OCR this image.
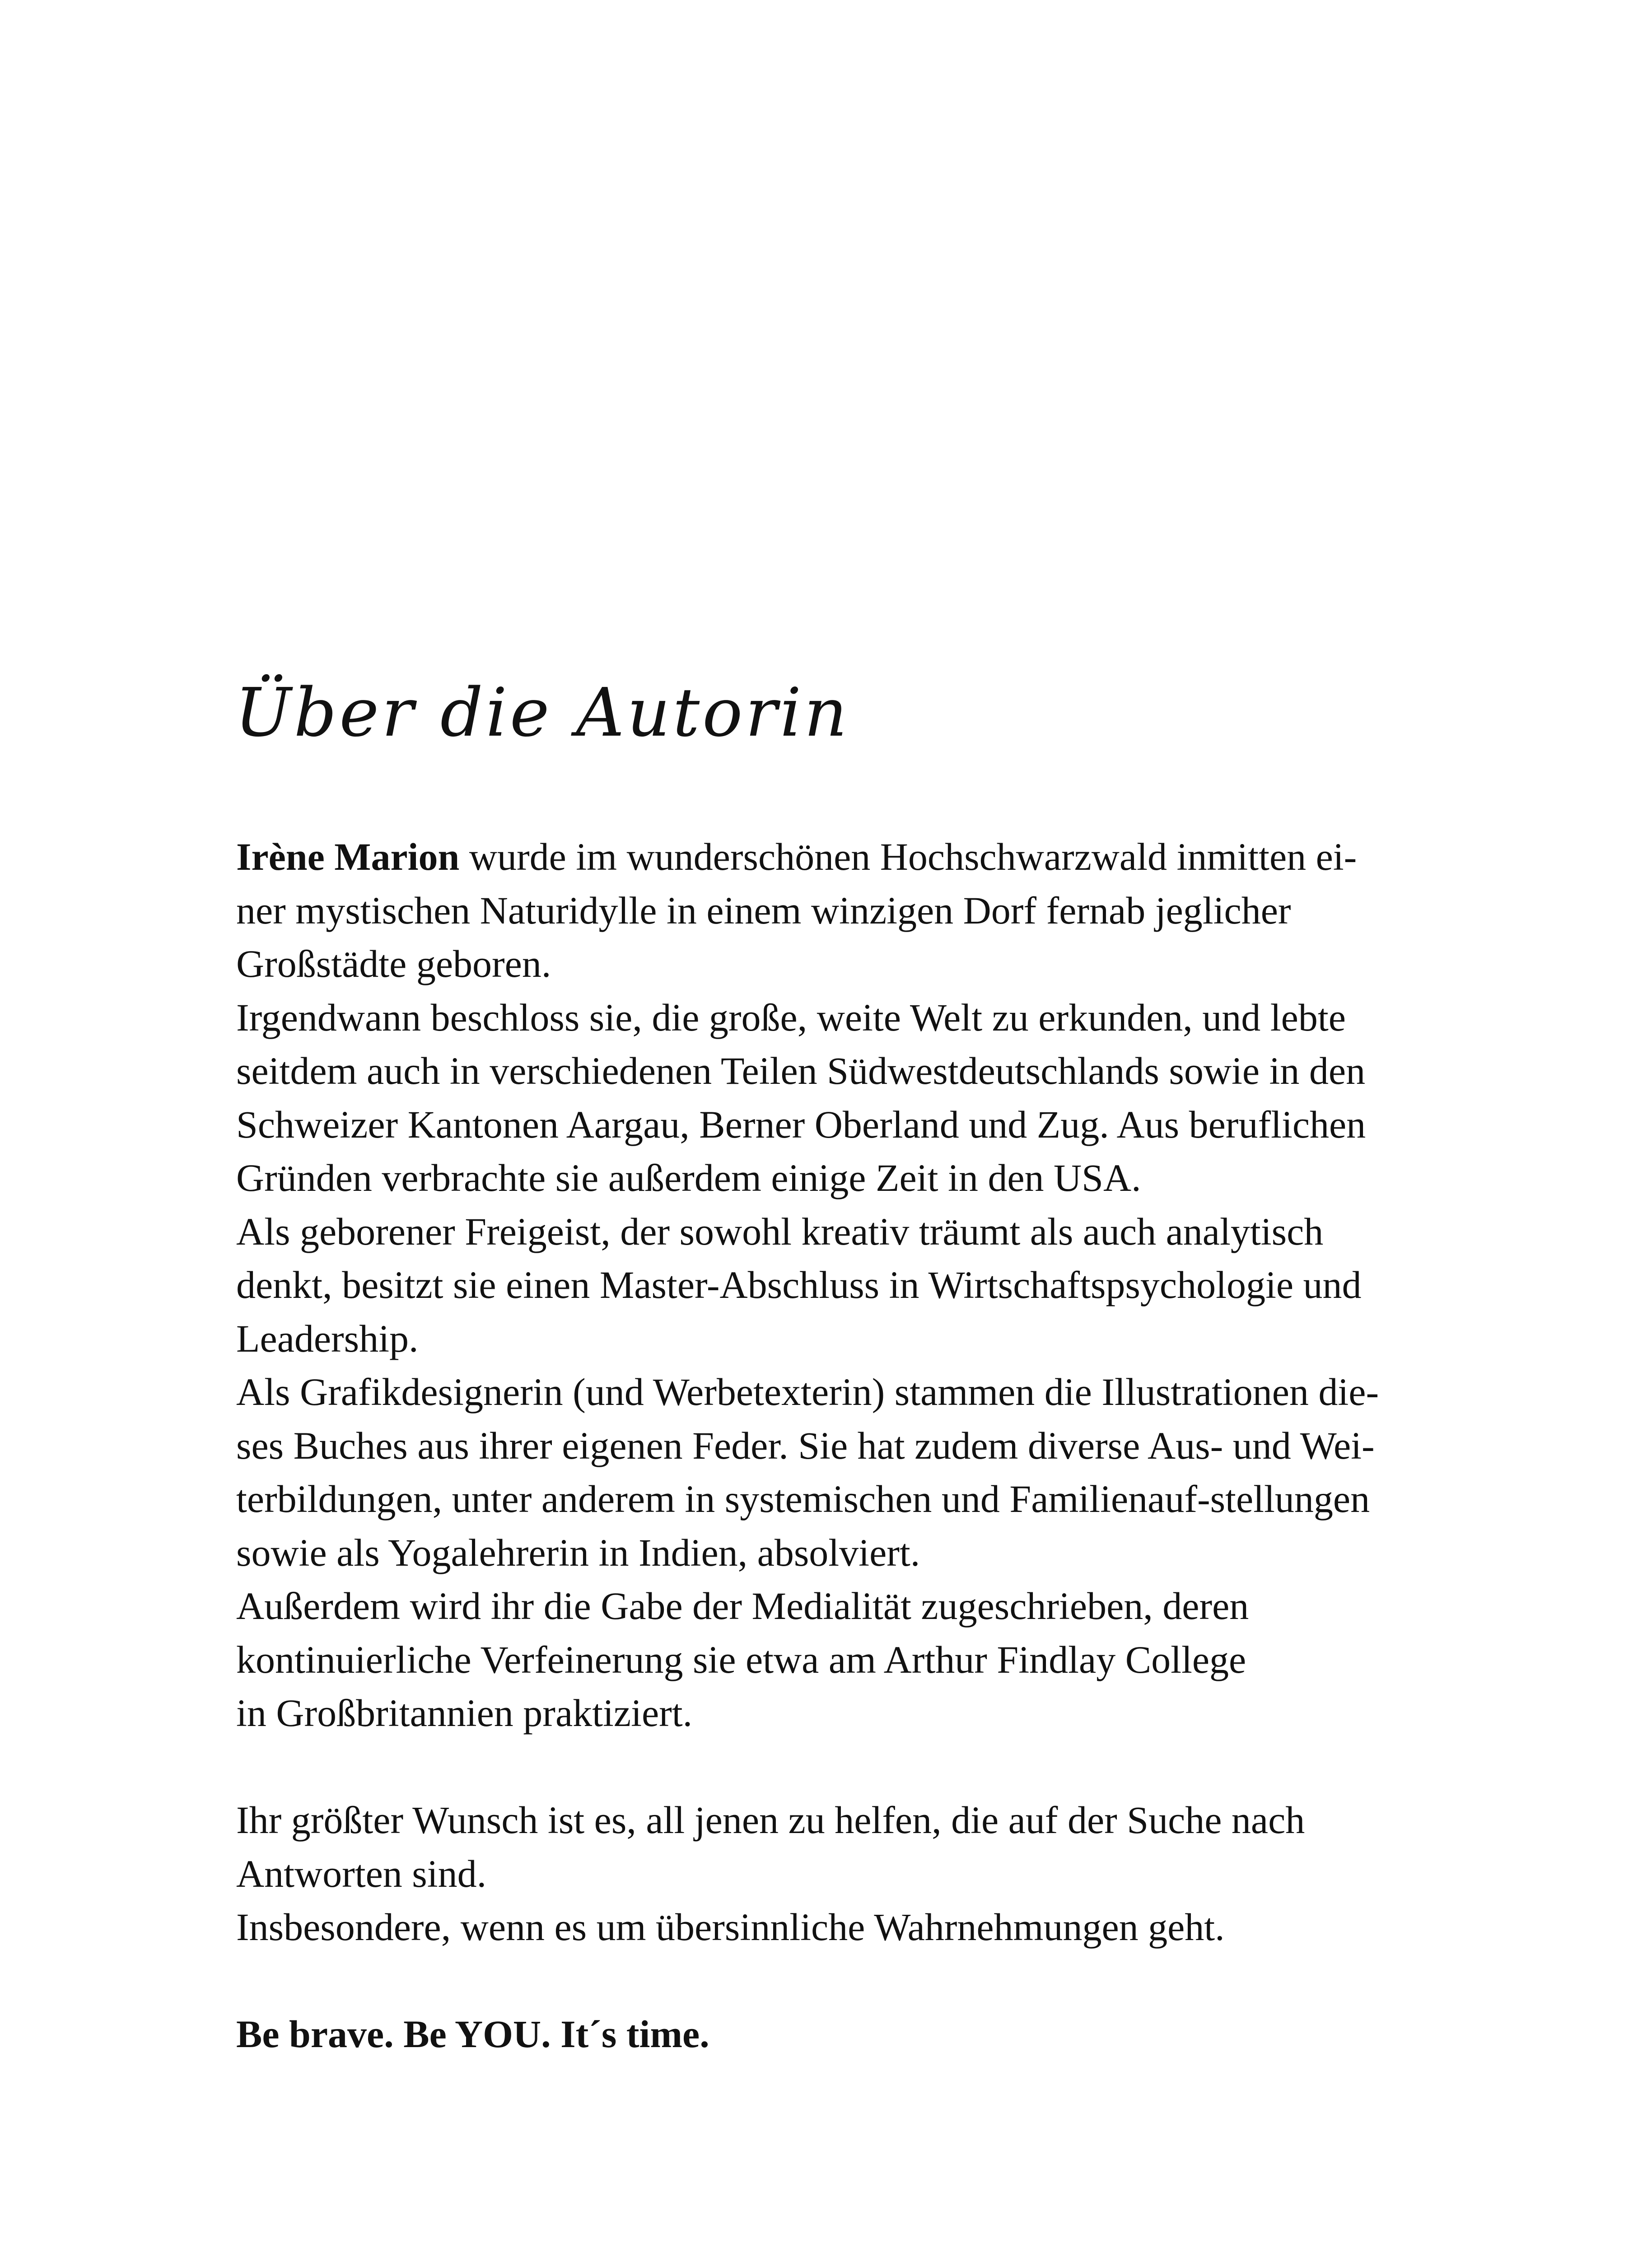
Über die Autorin
Irène Marion wurde im wunderschönen Hochschwarzwald inmitten ei-
ner mystischen Naturidylle in einem winzigen Dorf fernab jeglicher
Großstädte geboren.
Irgendwann beschloss sie, die große, weite Welt zu erkunden, und lebte
seitdem auch in verschiedenen Teilen Südwestdeutschlands sowie in den
Schweizer Kantonen Aargau, Berner Oberland und Zug. Aus beruflichen
Gründen verbrachte sie außerdem einige Zeit in den USA.
Als geborener Freigeist, der sowohl kreativ träumt als auch analytisch
denkt, besitzt sie einen Master-Abschluss in Wirtschaftspsychologie und
Leadership.
Als Grafikdesignerin (und Werbetexterin) stammen die Illustrationen die-
ses Buches aus ihrer eigenen Feder. Sie hat zudem diverse Aus- und Wei-
terbildungen, unter anderem in systemischen und Familienauf-stellungen
sowie als Yogalehrerin in Indien, absolviert.
Außerdem wird ihr die Gabe der Medialität zugeschrieben, deren
kontinuierliche Verfeinerung sie etwa am Arthur Findlay College
in Großbritannien praktiziert.
Ihr größter Wunsch ist es, all jenen zu helfen, die auf der Suche nach
Antworten sind.
Insbesondere, wenn es um übersinnliche Wahrnehmungen geht.
Be brave. Be YOU. It´s time.
